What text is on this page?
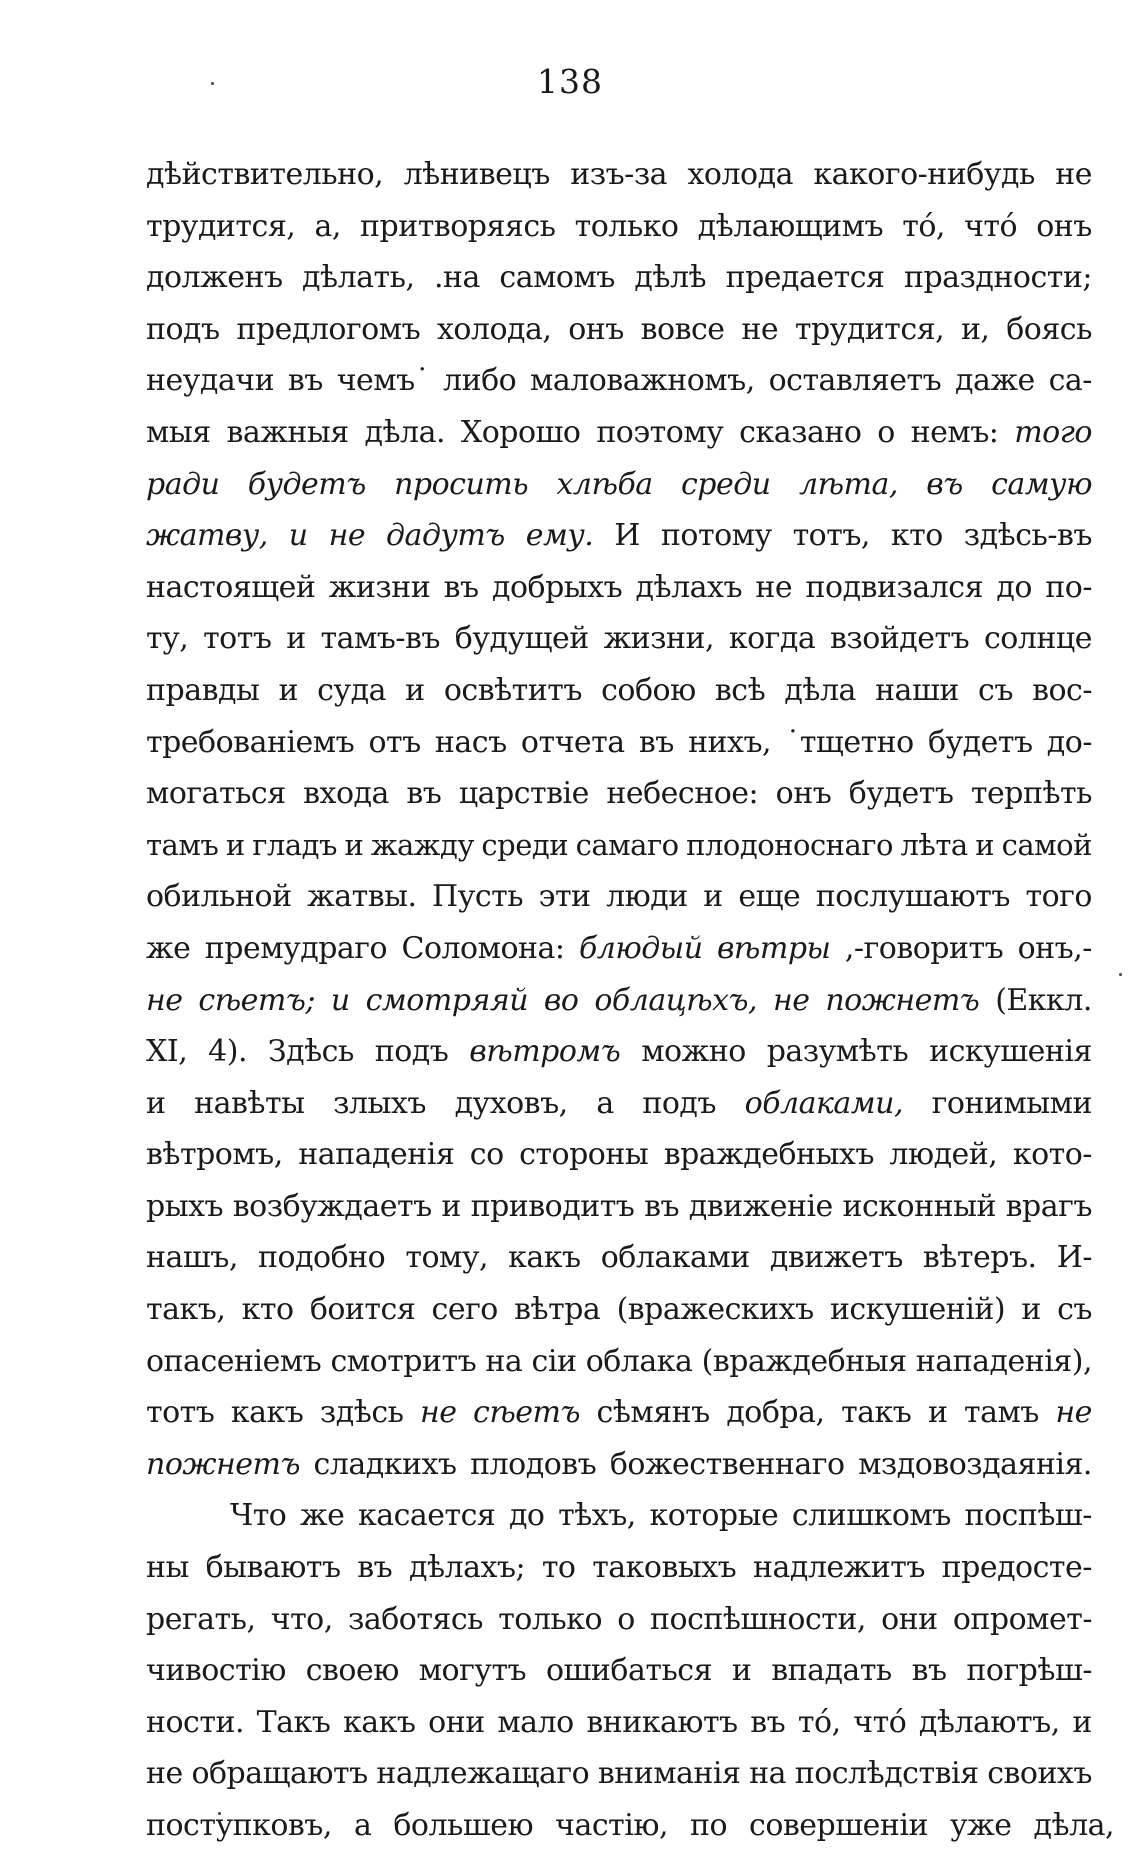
138
дѣйствительно, лѣнивецъ изъ-за холода какого-нибудь не
трудится, а, притворяясь только дѣлающимъ то́, что́ онъ
долженъ дѣлать, .на самомъ дѣлѣ предается праздности;
подъ предлогомъ холода, онъ вовсе не трудится, и, боясь
неудачи въ чемъ˙ либо маловажномъ, оставляетъ даже са-
мыя важныя дѣла. Хорошо поэтому сказано о немъ: того
ради будетъ просить хлѣба среди лѣта, въ самую
жатву, и не дадутъ ему. И потому тотъ, кто здѣсь-въ
настоящей жизни въ добрыхъ дѣлахъ не подвизался до по-
ту, тотъ и тамъ-въ будущей жизни, когда взойдетъ солнце
правды и суда и освѣтитъ собою всѣ дѣла наши съ вос-
требованіемъ отъ насъ отчета въ нихъ, ˙тщетно будетъ до-
могаться входа въ царствіе небесное: онъ будетъ терпѣть
тамъ и гладъ и жажду среди самаго плодоноснаго лѣта и самой
обильной жатвы. Пусть эти люди и еще послушаютъ того
же премудраго Соломона: блюдый вѣтры ,-говоритъ онъ,-
не сѣетъ; и смотряяй во облацѣхъ, не пожнетъ (Еккл.
XI, 4). Здѣсь подъ вѣтромъ можно разумѣть искушенія
и навѣты злыхъ духовъ, а подъ облаками, гонимыми
вѣтромъ, нападенія со стороны враждебныхъ людей, кото-
рыхъ возбуждаетъ и приводитъ въ движеніе исконный врагъ
нашъ, подобно тому, какъ облаками движетъ вѣтеръ. И-
такъ, кто боится сего вѣтра (вражескихъ искушеній) и съ
опасеніемъ смотритъ на сіи облака (враждебныя нападенія),
тотъ какъ здѣсь не сѣетъ сѣмянъ добра, такъ и тамъ не
пожнетъ сладкихъ плодовъ божественнаго мздовоздаянія.
Что же касается до тѣхъ, которые слишкомъ поспѣш-
ны бываютъ въ дѣлахъ; то таковыхъ надлежитъ предосте-
регать, что, заботясь только о поспѣшности, они опромет-
чивостію своею могутъ ошибаться и впадать въ погрѣш-
ности. Такъ какъ они мало вникаютъ въ то́, что́ дѣлаютъ, и
не обращаютъ надлежащаго вниманія на послѣдствія своихъ
поступковъ, а большею частію, по совершеніи уже дѣла,
